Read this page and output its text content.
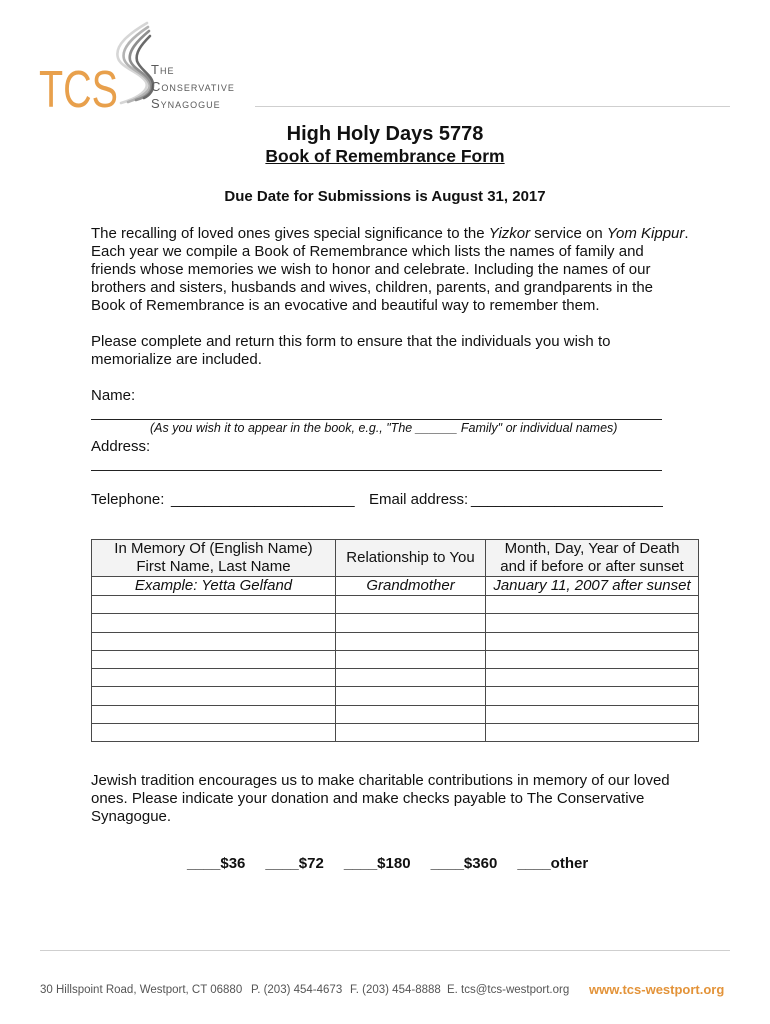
TCS	The
Conservative
Synagogue
High Holy Days 5778
Book of Remembrance Form
Due Date for Submissions is August 31, 2017
The recalling of loved ones gives special significance to the Yizkor service on Yom Kippur.
Each year we compile a Book of Remembrance which lists the names of family and
friends whose memories we wish to honor and celebrate. Including the names of our
brothers and sisters, husbands and wives, children, parents, and grandparents in the
Book of Remembrance is an evocative and beautiful way to remember them.
Please complete and return this form to ensure that the individuals you wish to
memorialize are included.
Name:
(As you wish it to appear in the book, e.g., "The ______ Family" or individual names)
Address:
Telephone: ______________________ Email address: _______________________
In Memory Of (English Name)
First Name, Last Name	Relationship to You	Month, Day, Year of Death
and if before or after sunset
Example: Yetta Gelfand	Grandmother	January 11, 2007 after sunset

Jewish tradition encourages us to make charitable contributions in memory of our loved
ones. Please indicate your donation and make checks payable to The Conservative
Synagogue.
____$36 ____$72 ____$180 ____$360 ____other
30 Hillspoint Road, Westport, CT 06880 P. (203) 454-4673 F. (203) 454-8888 E. tcs@tcs-westport.org www.tcs-westport.org
